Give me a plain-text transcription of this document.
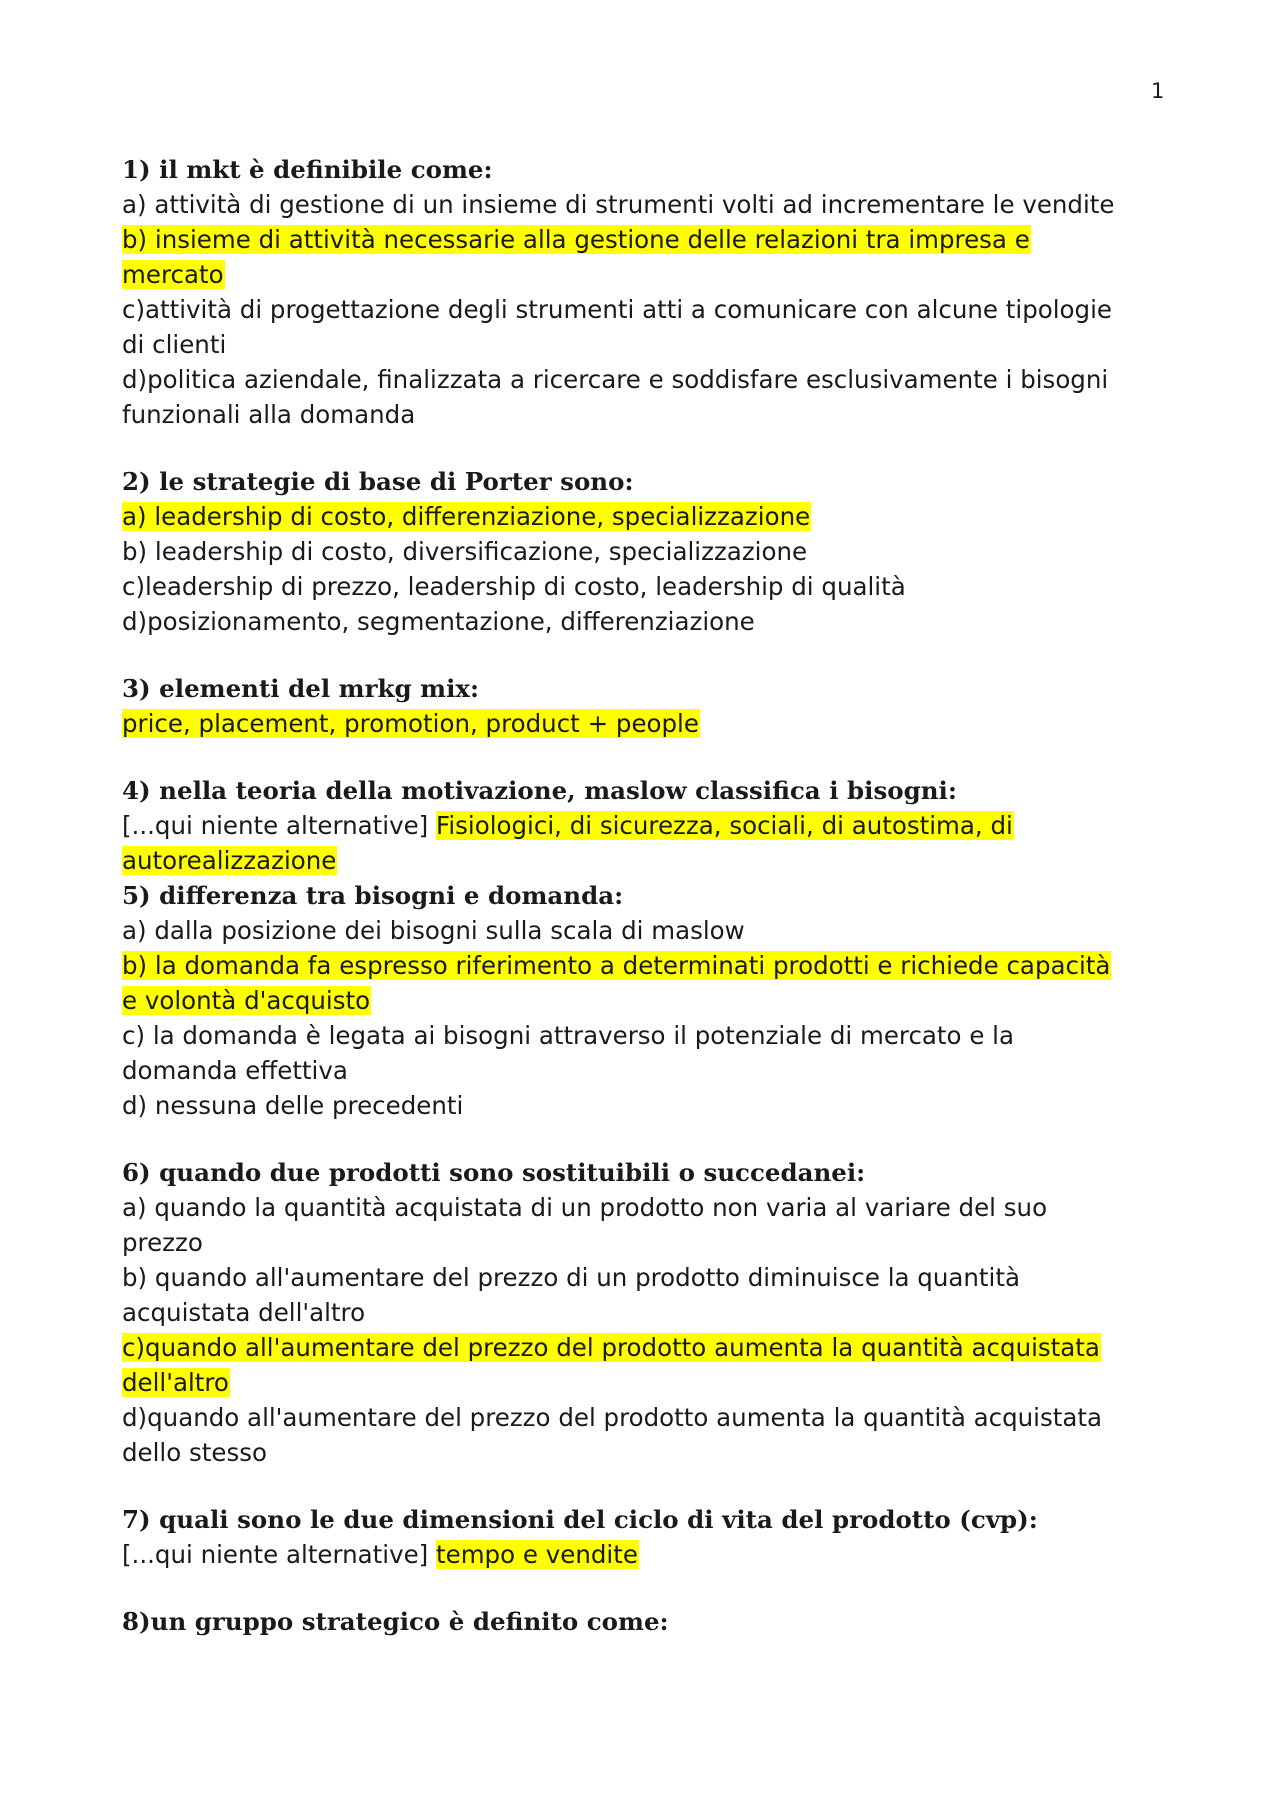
1

1) il mkt è definibile come:

a) attività di gestione di un insieme di strumenti volti ad incrementare le vendite

b) insieme di attività necessarie alla gestione delle relazioni tra impresa e mercato

c)attività di progettazione degli strumenti atti a comunicare con alcune tipologie di clienti

d)politica aziendale, finalizzata a ricercare e soddisfare esclusivamente i bisogni funzionali alla domanda

2) le strategie di base di Porter sono:

a) leadership di costo, differenziazione, specializzazione

b) leadership di costo, diversificazione, specializzazione

c)leadership di prezzo, leadership di costo, leadership di qualità

d)posizionamento, segmentazione, differenziazione

3) elementi del mrkg mix:

price, placement, promotion, product + people

4) nella teoria della motivazione, maslow classifica i bisogni:

[...qui niente alternative] Fisiologici, di sicurezza, sociali, di autostima, di autorealizzazione

5) differenza tra bisogni e domanda:

a) dalla posizione dei bisogni sulla scala di maslow

b) la domanda fa espresso riferimento a determinati prodotti e richiede capacità e volontà d'acquisto

c) la domanda è legata ai bisogni attraverso il potenziale di mercato e la domanda effettiva

d) nessuna delle precedenti

6) quando due prodotti sono sostituibili o succedanei:

a) quando la quantità acquistata di un prodotto non varia al variare del suo prezzo

b) quando all'aumentare del prezzo di un prodotto diminuisce la quantità acquistata dell'altro

c)quando all'aumentare del prezzo del prodotto aumenta la quantità acquistata dell'altro

d)quando all'aumentare del prezzo del prodotto aumenta la quantità acquistata dello stesso

7) quali sono le due dimensioni del ciclo di vita del prodotto (cvp):

[...qui niente alternative] tempo e vendite

8)un gruppo strategico è definito come:
